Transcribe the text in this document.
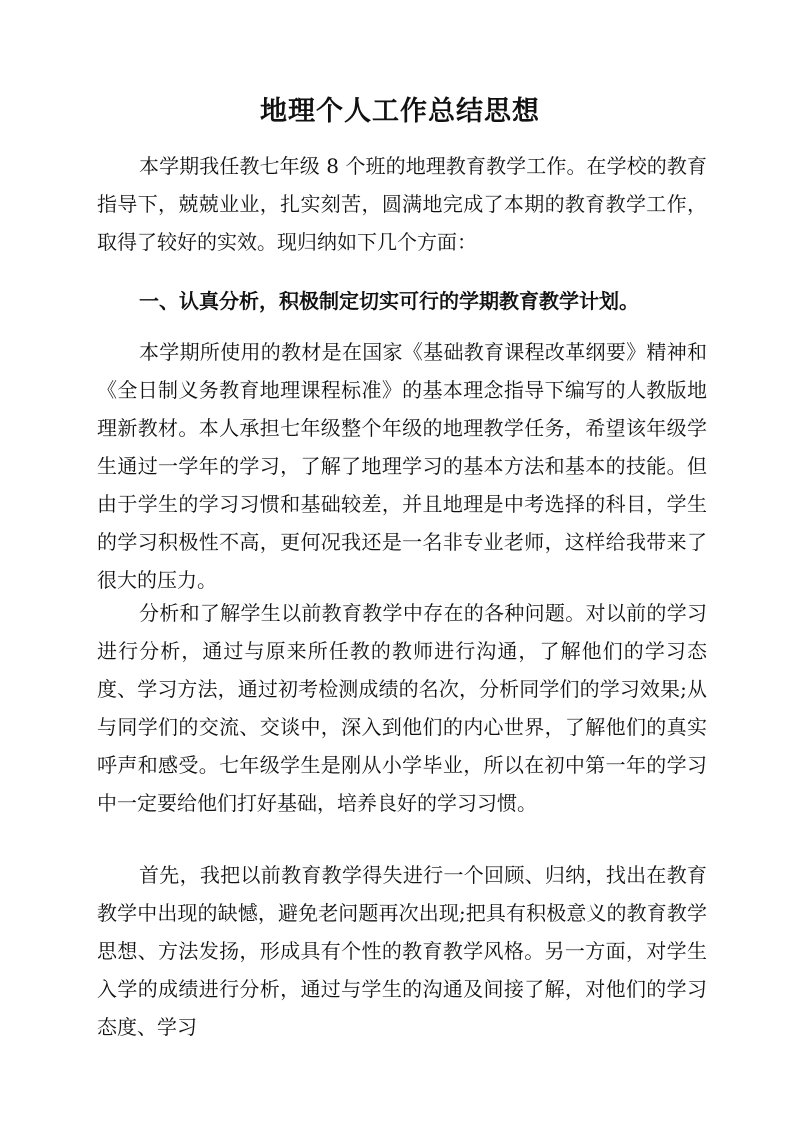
地理个人工作总结思想

本学期我任教七年级 8 个班的地理教育教学工作。在学校的教育指导下，兢兢业业，扎实刻苦，圆满地完成了本期的教育教学工作，取得了较好的实效。现归纳如下几个方面：

一、认真分析，积极制定切实可行的学期教育教学计划。

本学期所使用的教材是在国家《基础教育课程改革纲要》精神和《全日制义务教育地理课程标准》的基本理念指导下编写的人教版地理新教材。本人承担七年级整个年级的地理教学任务，希望该年级学生通过一学年的学习，了解了地理学习的基本方法和基本的技能。但由于学生的学习习惯和基础较差，并且地理是中考选择的科目，学生的学习积极性不高，更何况我还是一名非专业老师，这样给我带来了很大的压力。

分析和了解学生以前教育教学中存在的各种问题。对以前的学习进行分析，通过与原来所任教的教师进行沟通，了解他们的学习态度、学习方法，通过初考检测成绩的名次，分析同学们的学习效果;从与同学们的交流、交谈中，深入到他们的内心世界，了解他们的真实呼声和感受。七年级学生是刚从小学毕业，所以在初中第一年的学习中一定要给他们打好基础，培养良好的学习习惯。

首先，我把以前教育教学得失进行一个回顾、归纳，找出在教育教学中出现的缺憾，避免老问题再次出现;把具有积极意义的教育教学思想、方法发扬，形成具有个性的教育教学风格。另一方面，对学生入学的成绩进行分析，通过与学生的沟通及间接了解，对他们的学习态度、学习
